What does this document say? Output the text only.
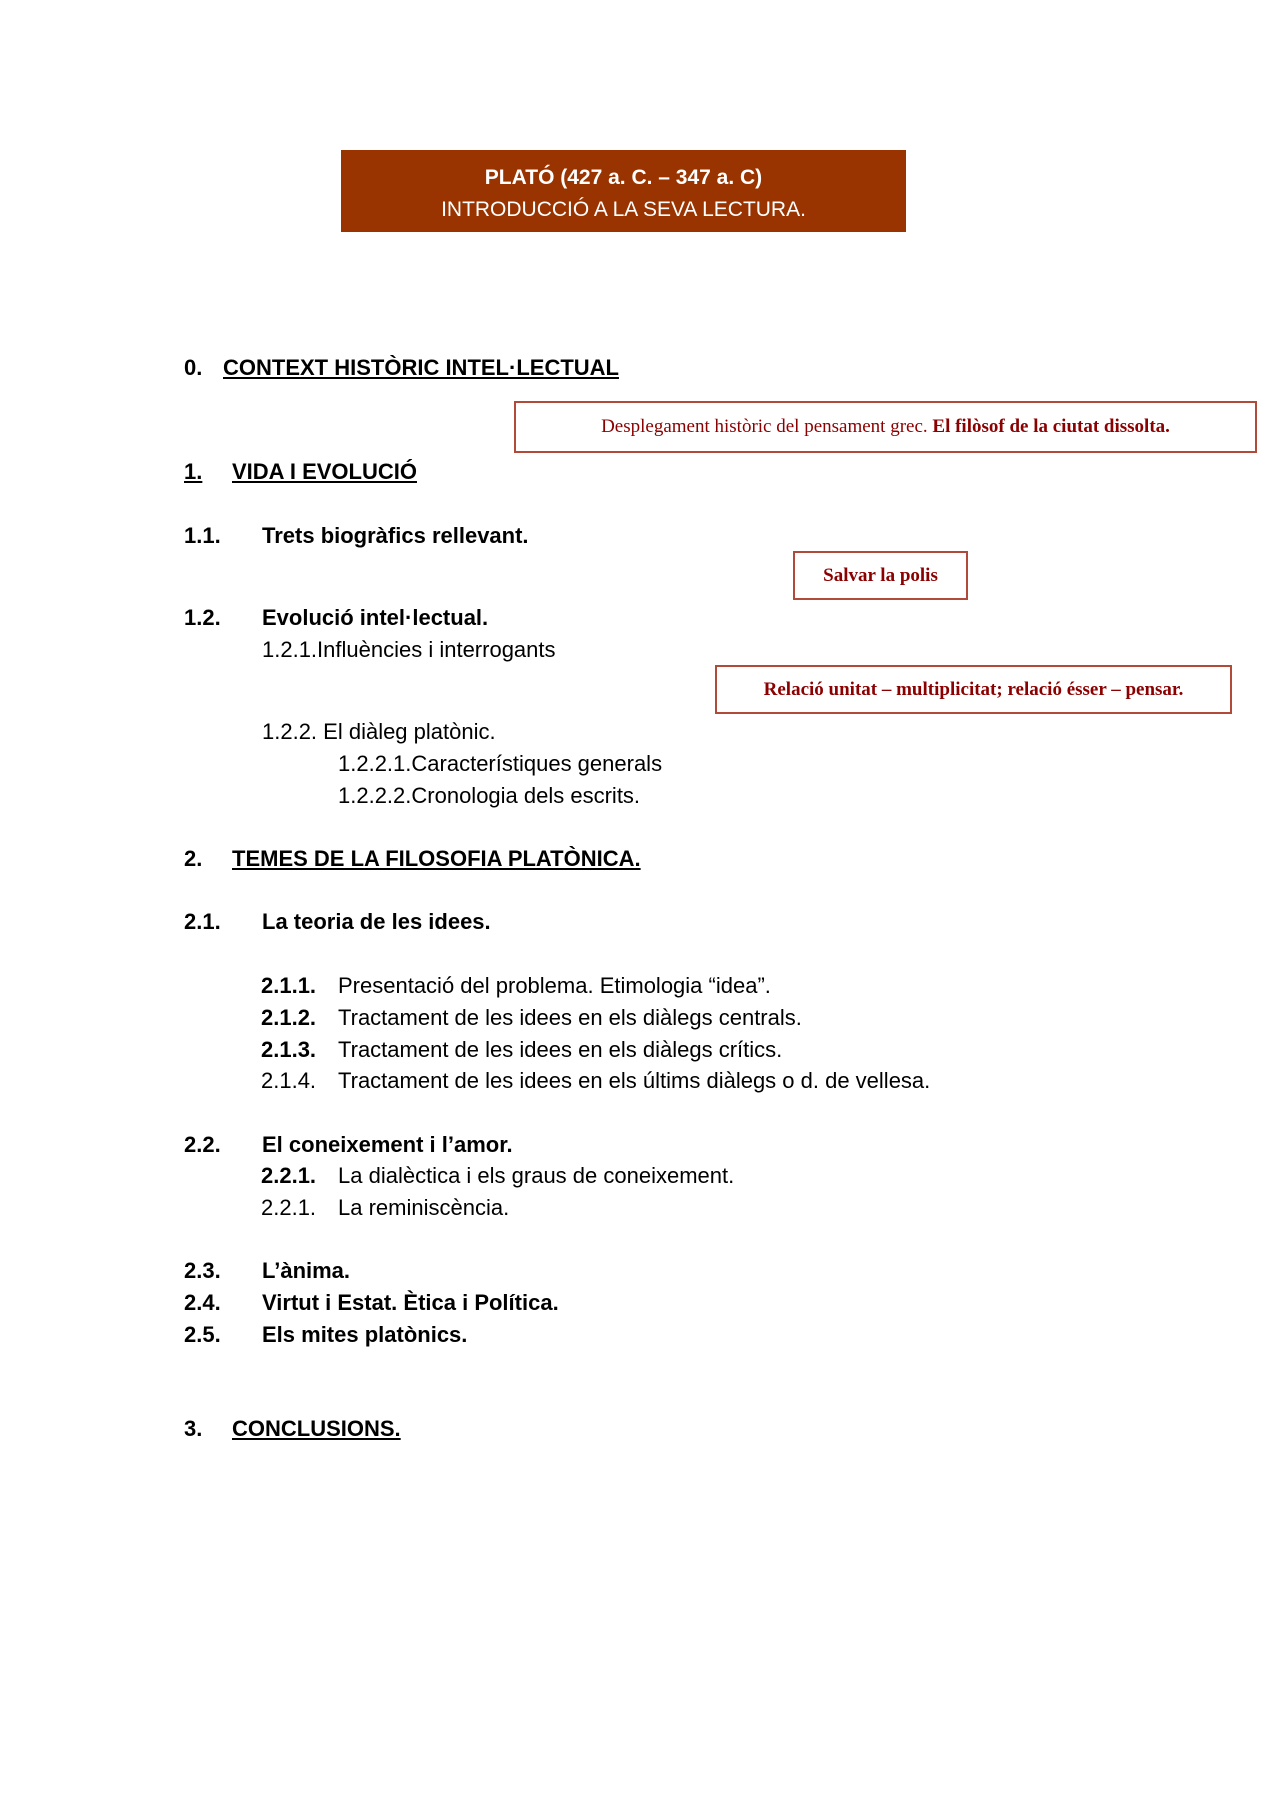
PLATÓ (427 a. C. – 347 a. C)
INTRODUCCIÓ A LA SEVA LECTURA.
0. CONTEXT HISTÒRIC INTEL·LECTUAL
Desplegament històric del pensament grec. El filòsof de la ciutat dissolta.
1. VIDA I EVOLUCIÓ
1.1. Trets biogràfics rellevant.
Salvar la polis
1.2. Evolució intel·lectual.
1.2.1.Influències i interrogants
Relació unitat – multiplicitat; relació ésser – pensar.
1.2.2. El diàleg platònic.
1.2.2.1.Característiques generals
1.2.2.2.Cronologia dels escrits.
2. TEMES DE LA FILOSOFIA PLATÒNICA.
2.1. La teoria de les idees.
2.1.1. Presentació del problema. Etimologia “idea”.
2.1.2. Tractament de les idees en els diàlegs centrals.
2.1.3. Tractament de les idees en els diàlegs crítics.
2.1.4. Tractament de les idees en els últims diàlegs o d. de vellesa.
2.2. El coneixement i l’amor.
2.2.1. La dialèctica i els graus de coneixement.
2.2.1. La reminiscència.
2.3. L’ànima.
2.4. Virtut i Estat. Ètica i Política.
2.5. Els mites platònics.
3. CONCLUSIONS.
